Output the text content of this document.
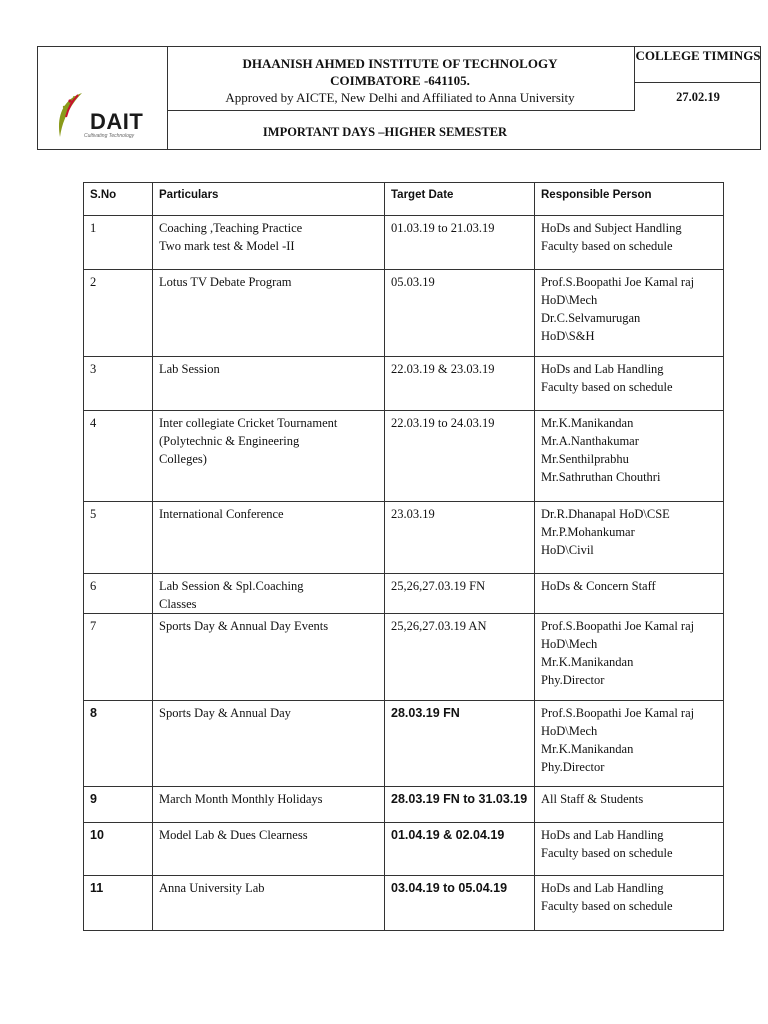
DAIT
Cultivating Technology
DHAANISH AHMED INSTITUTE OF TECHNOLOGY
COIMBATORE -641105.
Approved by AICTE, New Delhi and Affiliated to Anna University
IMPORTANT DAYS –HIGHER SEMESTER
COLLEGE TIMINGS
27.02.19
S.No	Particulars	Target Date	Responsible Person
1	Coaching ,Teaching Practice
Two mark test & Model -II	01.03.19 to 21.03.19	HoDs and Subject Handling
Faculty based on schedule

2	Lotus TV Debate Program	05.03.19	Prof.S.Boopathi Joe Kamal raj
HoD\Mech
Dr.C.Selvamurugan
HoD\S&H

3	Lab Session	22.03.19 & 23.03.19	HoDs and Lab Handling
Faculty based on schedule

4	Inter collegiate Cricket Tournament
(Polytechnic & Engineering
Colleges)	22.03.19 to 24.03.19	Mr.K.Manikandan
Mr.A.Nanthakumar
Mr.Senthilprabhu
Mr.Sathruthan Chouthri

5	International Conference	23.03.19	Dr.R.Dhanapal HoD\CSE
Mr.P.Mohankumar
HoD\Civil

6	Lab Session & Spl.Coaching
Classes	25,26,27.03.19 FN	HoDs & Concern Staff

7	Sports Day & Annual Day Events	25,26,27.03.19 AN	Prof.S.Boopathi Joe Kamal raj
HoD\Mech
Mr.K.Manikandan
Phy.Director

8	Sports Day & Annual Day	28.03.19 FN	Prof.S.Boopathi Joe Kamal raj
HoD\Mech
Mr.K.Manikandan
Phy.Director

9	March Month Monthly Holidays	28.03.19 FN to 31.03.19	All Staff & Students

10	Model Lab & Dues Clearness	01.04.19 & 02.04.19	HoDs and Lab Handling
Faculty based on schedule

11	Anna University Lab	03.04.19 to 05.04.19	HoDs and Lab Handling
Faculty based on schedule
